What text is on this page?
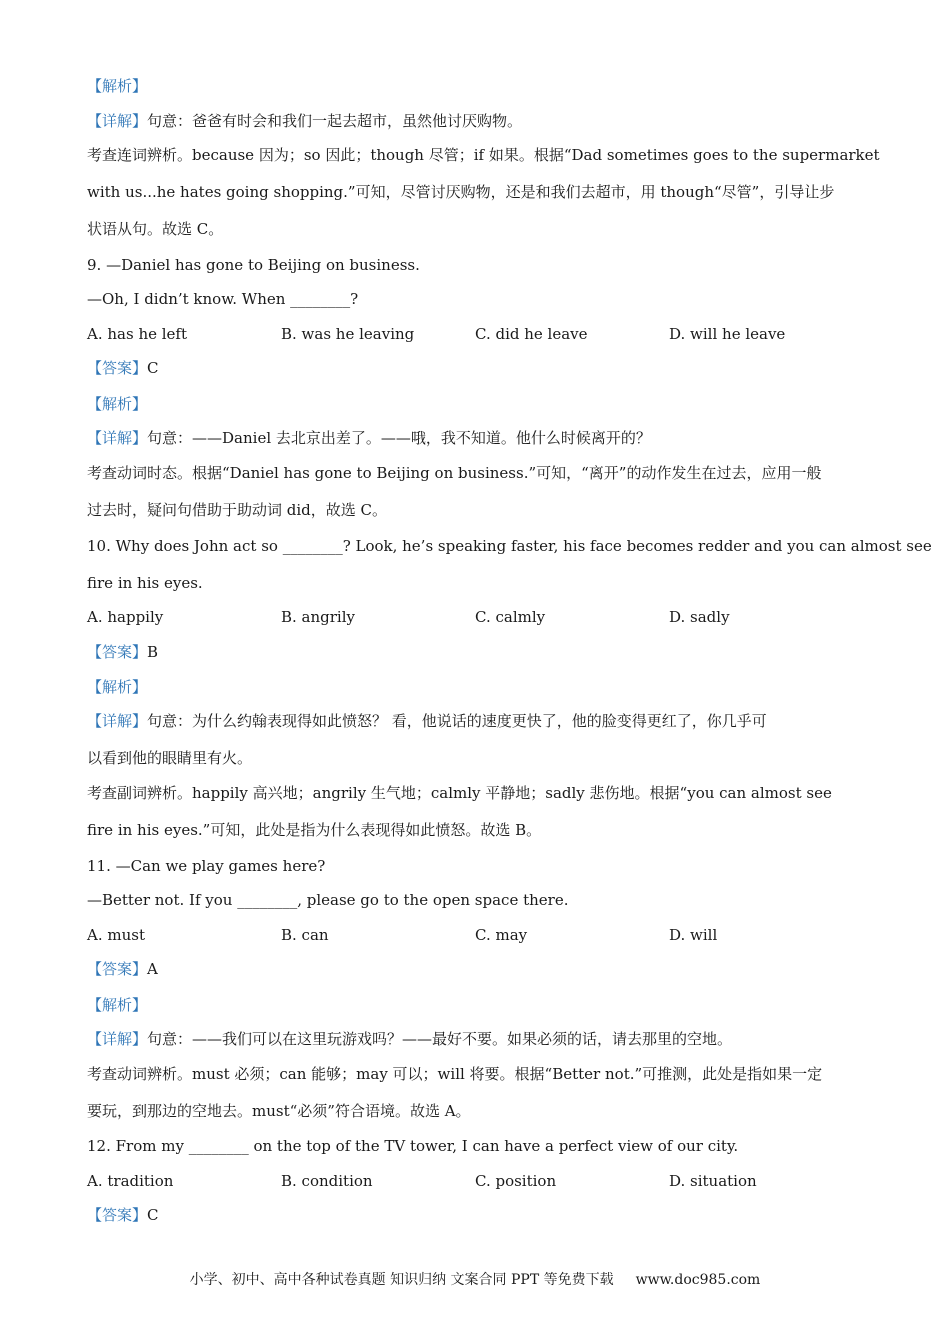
【解析】
【详解】句意：爸爸有时会和我们一起去超市，虽然他讨厌购物。
考查连词辨析。because 因为；so 因此；though 尽管；if 如果。根据“Dad sometimes goes to the supermarket
with us...he hates going shopping.”可知，尽管讨厌购物，还是和我们去超市，用 though“尽管”，引导让步
状语从句。故选 C。
9. —Daniel has gone to Beijing on business.
—Oh, I didn’t know. When ________?
A. has he left	B. was he leaving	C. did he leave	D. will he leave
【答案】C
【解析】
【详解】句意：——Daniel 去北京出差了。——哦，我不知道。他什么时候离开的？
考查动词时态。根据“Daniel has gone to Beijing on business.”可知，“离开”的动作发生在过去，应用一般
过去时，疑问句借助于助动词 did，故选 C。
10. Why does John act so ________? Look, he’s speaking faster, his face becomes redder and you can almost see
fire in his eyes.
A. happily	B. angrily	C. calmly	D. sadly
【答案】B
【解析】
【详解】句意：为什么约翰表现得如此愤怒？ 看，他说话的速度更快了，他的脸变得更红了，你几乎可
以看到他的眼睛里有火。
考查副词辨析。happily 高兴地；angrily 生气地；calmly 平静地；sadly 悲伤地。根据“you can almost see
fire in his eyes.”可知，此处是指为什么表现得如此愤怒。故选 B。
11. —Can we play games here?
—Better not. If you ________, please go to the open space there.
A. must	B. can	C. may	D. will
【答案】A
【解析】
【详解】句意：——我们可以在这里玩游戏吗？——最好不要。如果必须的话，请去那里的空地。
考查动词辨析。must 必须；can 能够；may 可以；will 将要。根据“Better not.”可推测，此处是指如果一定
要玩，到那边的空地去。must“必须”符合语境。故选 A。
12. From my ________ on the top of the TV tower, I can have a perfect view of our city.
A. tradition	B. condition	C. position	D. situation
【答案】C
小学、初中、高中各种试卷真题 知识归纳 文案合同 PPT 等免费下载 www.doc985.com
